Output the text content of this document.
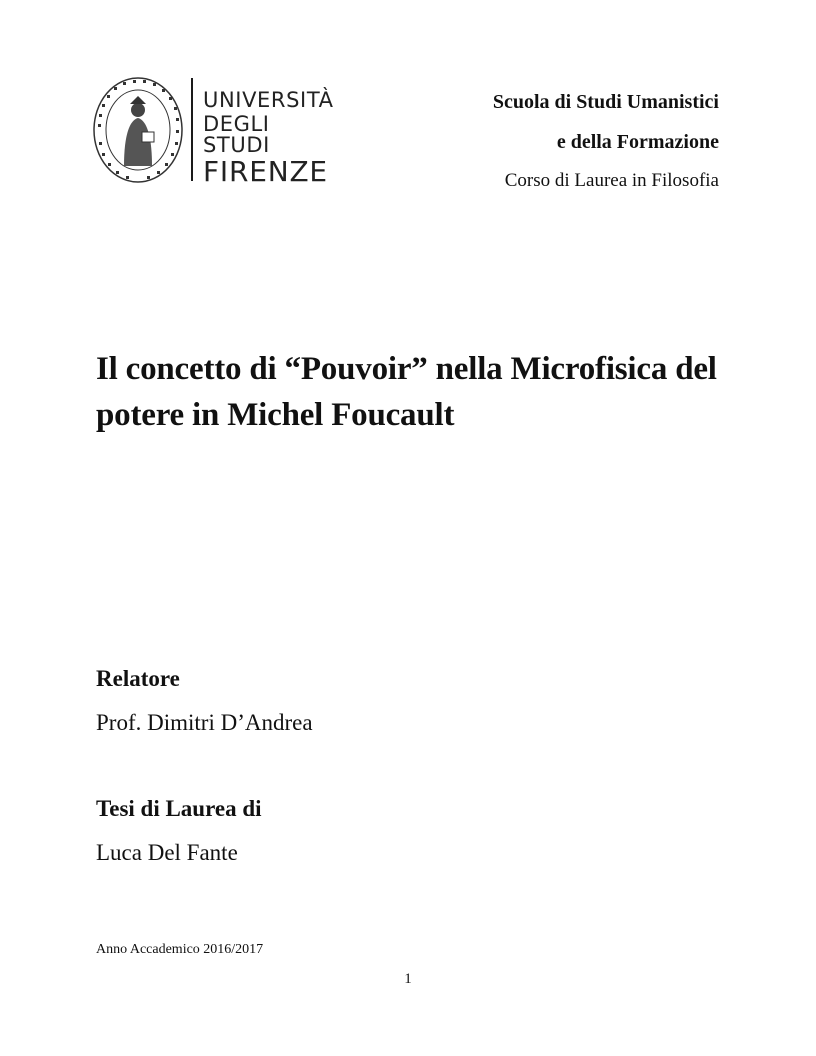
UNIVERSITÀ
DEGLI STUDI
FIRENZE
Scuola di Studi Umanistici
e della Formazione
Corso di Laurea in Filosofia
Il concetto di “Pouvoir” nella Microfisica del potere in Michel Foucault
Relatore
Prof. Dimitri D’Andrea
Tesi di Laurea di
Luca Del Fante
Anno Accademico 2016/2017
1
